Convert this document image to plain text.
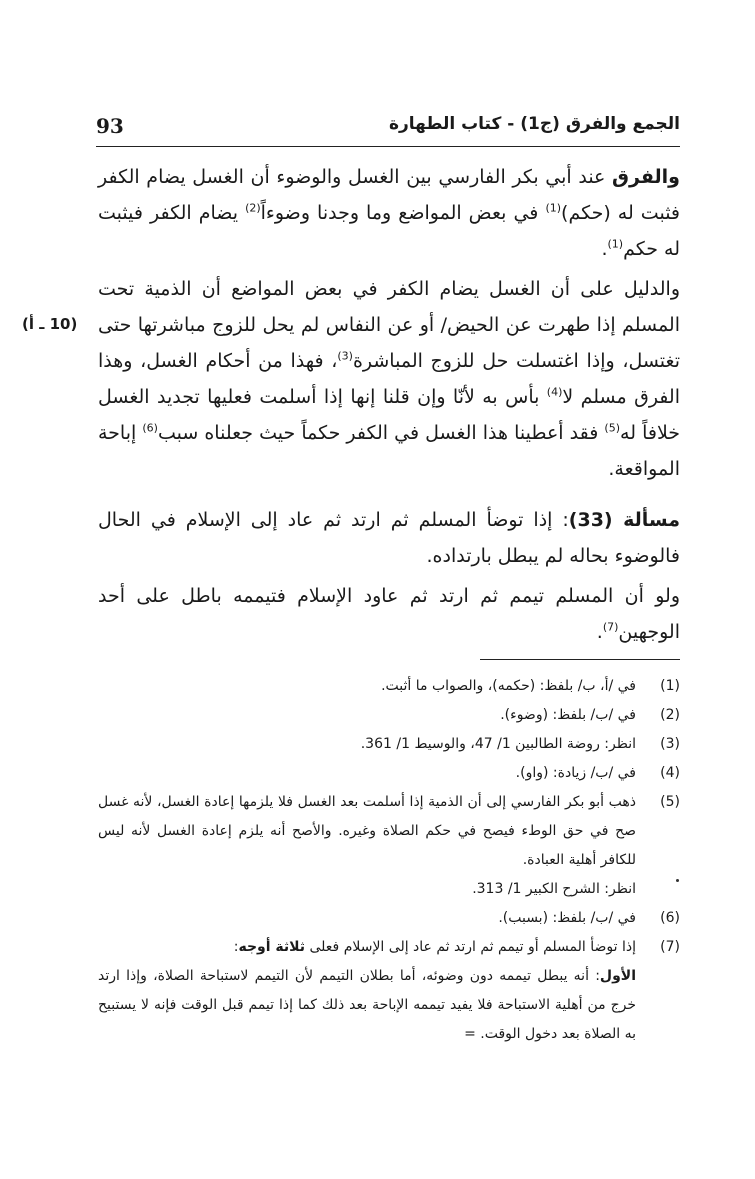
93	الجمع والفرق (ج1) - كتاب الطهارة

والفرق عند أبي بكر الفارسي بين الغسل والوضوء أن الغسل يضام الكفر فثبت له (حكم)$^{(1)}$ في بعض المواضع وما وجدنا وضوءاً$^{(2)}$ يضام الكفر فيثبت له حكم$^{(1)}$.

والدليل على أن الغسل يضام الكفر في بعض المواضع أن الذمية تحت المسلم إذا طهرت عن الحيض/ أو عن النفاس لم يحل للزوج مباشرتها حتى تغتسل، وإذا اغتسلت حل للزوج المباشرة$^{(3)}$، فهذا من أحكام الغسل، وهذا الفرق مسلم لا$^{(4)}$ بأس به لأنّا وإن قلنا إنها إذا أسلمت فعليها تجديد الغسل خلافاً له$^{(5)}$ فقد أعطينا هذا الغسل في الكفر حكماً حيث جعلناه سبب$^{(6)}$ إباحة المواقعة.

(10 ـ أ)

مسألة (33): إذا توضأ المسلم ثم ارتد ثم عاد إلى الإسلام في الحال فالوضوء بحاله لم يبطل بارتداده.

ولو أن المسلم تيمم ثم ارتد ثم عاود الإسلام فتيممه باطل على أحد الوجهين$^{(7)}$.

(1)
في /أ، ب/ بلفظ: (حكمه)، والصواب ما أثبت.

(2)
في /ب/ بلفظ: (وضوء).

(3)
انظر: روضة الطالبين 1/ 47، والوسيط 1/ 361.

(4)
في /ب/ زيادة: (واو).

(5)
ذهب أبو بكر الفارسي إلى أن الذمية إذا أسلمت بعد الغسل فلا يلزمها إعادة الغسل، لأنه غسل صح في حق الوطء فيصح في حكم الصلاة وغيره. والأصح أنه يلزم إعادة الغسل لأنه ليس للكافر أهلية العبادة.
انظر: الشرح الكبير 1/ 313.

(6)
في /ب/ بلفظ: (بسبب).

(7)
إذا توضأ المسلم أو تيمم ثم ارتد ثم عاد إلى الإسلام فعلى ثلاثة أوجه:
الأول: أنه يبطل تيممه دون وضوئه، أما بطلان التيمم لأن التيمم لاستباحة الصلاة، وإذا ارتد خرج من أهلية الاستباحة فلا يفيد تيممه الإباحة بعد ذلك كما إذا تيمم قبل الوقت فإنه لا يستبيح به الصلاة بعد دخول الوقت. =
